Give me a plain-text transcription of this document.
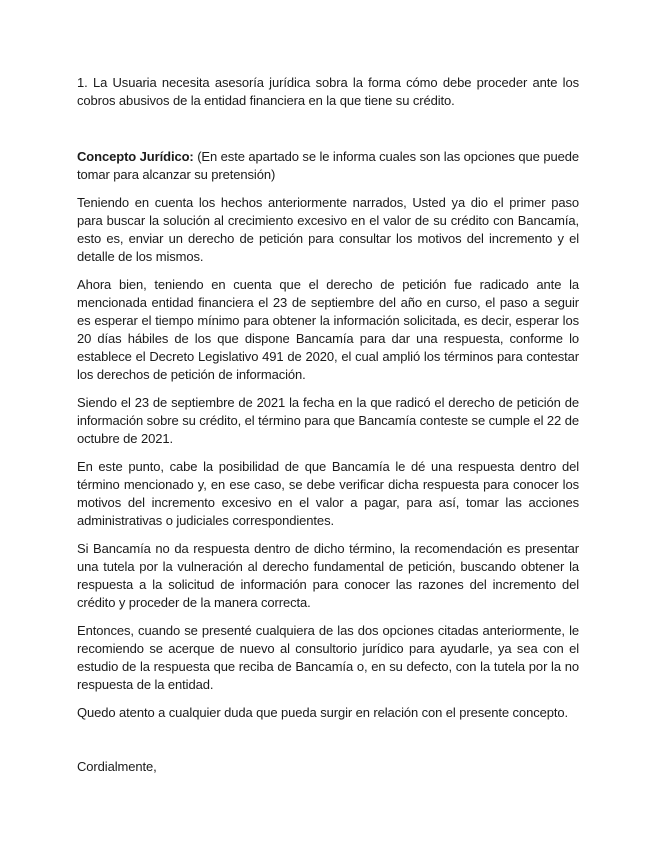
1. La Usuaria necesita asesoría jurídica sobra la forma cómo debe proceder ante los cobros abusivos de la entidad financiera en la que tiene su crédito.

Concepto Jurídico: (En este apartado se le informa cuales son las opciones que puede tomar para alcanzar su pretensión)

Teniendo en cuenta los hechos anteriormente narrados, Usted ya dio el primer paso para buscar la solución al crecimiento excesivo en el valor de su crédito con Bancamía, esto es, enviar un derecho de petición para consultar los motivos del incremento y el detalle de los mismos.

Ahora bien, teniendo en cuenta que el derecho de petición fue radicado ante la mencionada entidad financiera el 23 de septiembre del año en curso, el paso a seguir es esperar el tiempo mínimo para obtener la información solicitada, es decir, esperar los 20 días hábiles de los que dispone Bancamía para dar una respuesta, conforme lo establece el Decreto Legislativo 491 de 2020, el cual amplió los términos para contestar los derechos de petición de información.

Siendo el 23 de septiembre de 2021 la fecha en la que radicó el derecho de petición de información sobre su crédito, el término para que Bancamía conteste se cumple el 22 de octubre de 2021.

En este punto, cabe la posibilidad de que Bancamía le dé una respuesta dentro del término mencionado y, en ese caso, se debe verificar dicha respuesta para conocer los motivos del incremento excesivo en el valor a pagar, para así, tomar las acciones administrativas o judiciales correspondientes.

Si Bancamía no da respuesta dentro de dicho término, la recomendación es presentar una tutela por la vulneración al derecho fundamental de petición, buscando obtener la respuesta a la solicitud de información para conocer las razones del incremento del crédito y proceder de la manera correcta.

Entonces, cuando se presenté cualquiera de las dos opciones citadas anteriormente, le recomiendo se acerque de nuevo al consultorio jurídico para ayudarle, ya sea con el estudio de la respuesta que reciba de Bancamía o, en su defecto, con la tutela por la no respuesta de la entidad.

Quedo atento a cualquier duda que pueda surgir en relación con el presente concepto.

Cordialmente,
